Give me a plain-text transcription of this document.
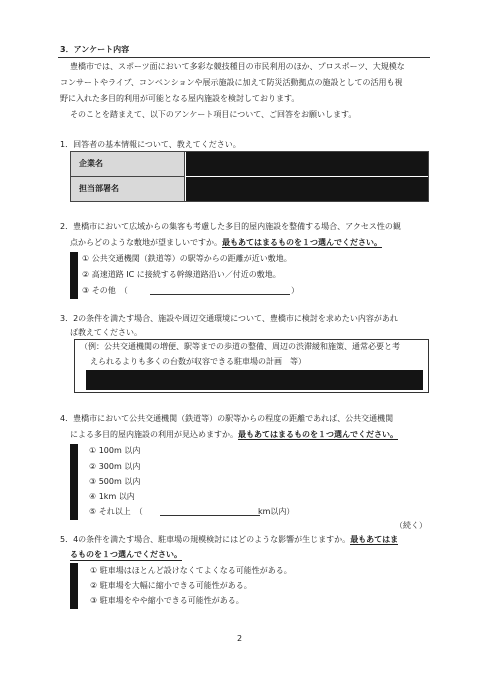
3．アンケート内容
豊橋市では、スポーツ面において多彩な競技種目の市民利用のほか、プロスポーツ、大規模な
コンサートやライブ、コンベンションや展示施設に加えて防災活動拠点の施設としての活用も視
野に入れた多目的利用が可能となる屋内施設を検討しております。
そのことを踏まえて、以下のアンケート項目について、ご回答をお願いします。
1．回答者の基本情報について、教えてください。
企業名
担当部署名
2．豊橋市において広域からの集客も考慮した多目的屋内施設を整備する場合、アクセス性の観
点からどのような敷地が望ましいですか。最もあてはまるものを１つ選んでください。
① 公共交通機関（鉄道等）の駅等からの距離が近い敷地。
② 高速道路 IC に接続する幹線道路沿い／付近の敷地。
③ その他　（	）
3．2の条件を満たす場合、施設や周辺交通環境について、豊橋市に検討を求めたい内容があれ
ば教えてください。
（例：公共交通機関の増便、駅等までの歩道の整備、周辺の渋滞緩和施策、通常必要と考
えられるよりも多くの台数が収容できる駐車場の計画　等）
4．豊橋市において公共交通機関（鉄道等）の駅等からの程度の距離であれば、公共交通機関
による多目的屋内施設の利用が見込めますか。最もあてはまるものを１つ選んでください。
① 100m 以内
② 300m 以内
③ 500m 以内
④ 1km 以内
⑤ それ以上　（	km以内）
（続く）
5．4の条件を満たす場合、駐車場の規模検討にはどのような影響が生じますか。最もあてはま
るものを１つ選んでください。
① 駐車場はほとんど設けなくてよくなる可能性がある。
② 駐車場を大幅に縮小できる可能性がある。
③ 駐車場をやや縮小できる可能性がある。
2
